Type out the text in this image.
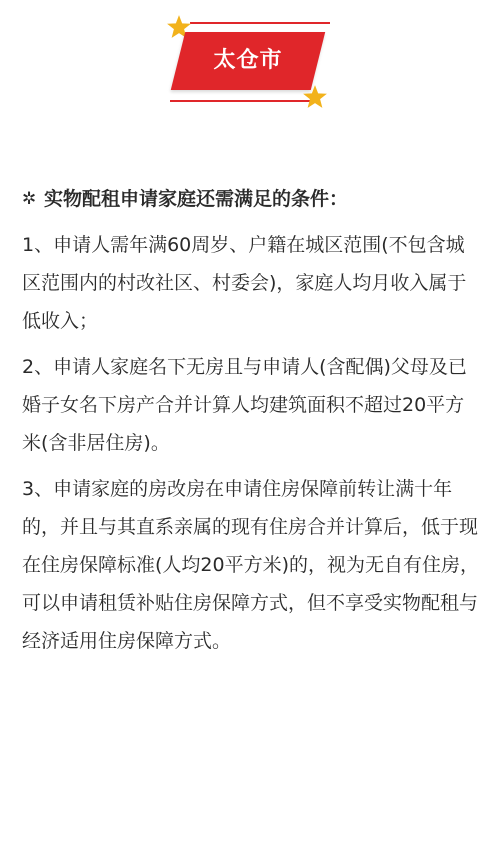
太仓市
✲ 实物配租申请家庭还需满足的条件：

1、申请人需年满60周岁、户籍在城区范围(不包含城区范围内的村改社区、村委会)，家庭人均月收入属于低收入；

2、申请人家庭名下无房且与申请人(含配偶)父母及已婚子女名下房产合并计算人均建筑面积不超过20平方米(含非居住房)。

3、申请家庭的房改房在申请住房保障前转让满十年的，并且与其直系亲属的现有住房合并计算后，低于现在住房保障标准(人均20平方米)的，视为无自有住房，可以申请租赁补贴住房保障方式，但不享受实物配租与经济适用住房保障方式。
